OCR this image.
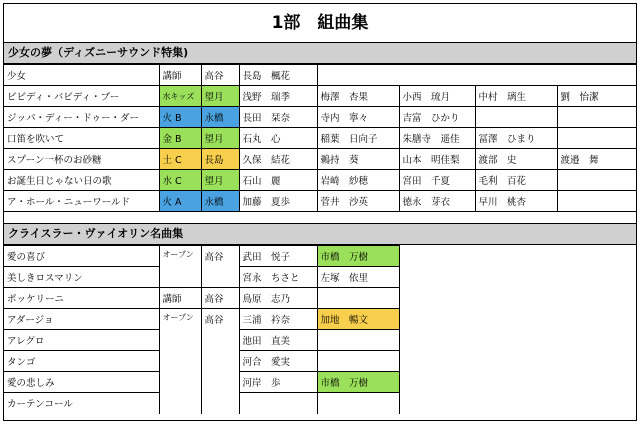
1部　組曲集
少女の夢（ディズニーサウンド特集)
少女	講師	高谷	長島　楓花				
ビビディ・バビディ・ブー	水キッズ	望月	浅野　瑞季	梅澤　杏果	小西　琉月	中村　璃生	劉　怡潔
ジッパ・ディー・ドゥー・ダー	火 B	永橋	長田　栞奈	寺内　寧々	吉富　ひかり		
口笛を吹いて	金 B	望月	石丸　心	稲葉　日向子	朱膳寺　遥佳	冨澤　ひまり	
スプーン一杯のお砂糖	土 C	長島	久保　結花	鵜持　葵	山本　明佳梨	渡部　史	渡邉　舞
お誕生日じゃない日の歌	水 C	望月	石山　麗	岩崎　紗穂	宮田　千夏	毛利　百花	
ア・ホール・ニューワールド	火 A	永橋	加藤　夏歩	菅井　沙英	徳永　芽衣	早川　桃杏	
クライスラー・ヴァイオリン名曲集
愛の喜び	オープン	高谷	武田　悦子	市橋　万樹		
美しきロスマリン			宮永　ちさと	左塚　依里		
ポッケリーニ	講師	高谷	鳥原　志乃			
アダージョ	オープン	高谷	三浦　衿奈	加地　暢文		
アレグロ			池田　直美			
タンゴ			河合　愛実			
愛の悲しみ			河岸　歩	市橋　万樹		
カーテンコール				
